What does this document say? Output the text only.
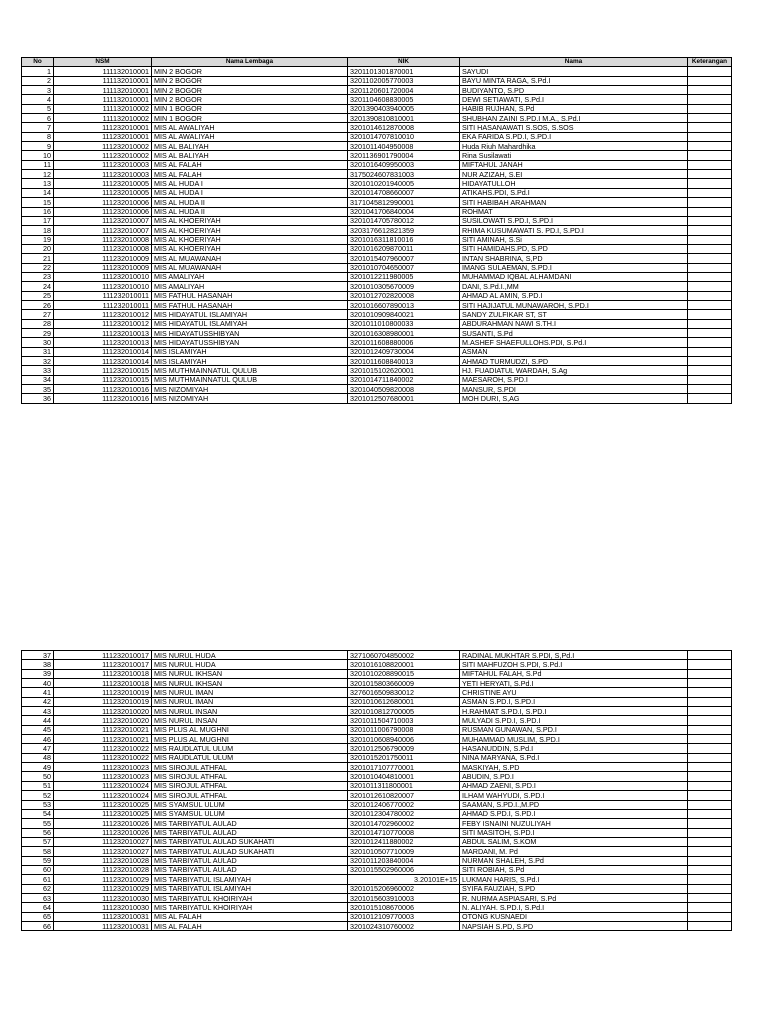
No	NSM	Nama Lembaga	NIK	Nama	Keterangan
1	111132010001	MIN 2 BOGOR	3201101301870001	SAYUDI	
2	111132010001	MIN 2 BOGOR	3201102005770003	BAYU MINTA RAGA, S.Pd.I	
3	111132010001	MIN 2 BOGOR	3201120601720004	BUDIYANTO, S.PD	
4	111132010001	MIN 2 BOGOR	3201104608830005	DEWI SETIAWATI, S.Pd.I	
5	111132010002	MIN 1 BOGOR	3201390403940005	HABIB RUJHAN, S.Pd	
6	111132010002	MIN 1 BOGOR	3201390810810001	SHUBHAN ZAINI S.PD.I M.A., S.Pd.I	
7	111232010001	MIS AL AWALIYAH	3201014612870008	SITI HASANAWATI S.SOS, S.SOS	
8	111232010001	MIS AL AWALIYAH	3201014707810010	EKA FARIDA S.PD.I, S.PD.I	
9	111232010002	MIS AL BALIYAH	3201011404950008	Huda Riuh Mahardhika	
10	111232010002	MIS AL BALIYAH	3201136901790004	Rina Susilawati	
11	111232010003	MIS AL FALAH	3201016409950003	MIFTAHUL JANAH	
12	111232010003	MIS AL FALAH	3175024607831003	NUR AZIZAH, S.EI	
13	111232010005	MIS AL HUDA I	3201010201940005	HIDAYATULLOH	
14	111232010005	MIS AL HUDA I	3201014708660007	ATIKAHS.PDI, S.Pd.I	
15	111232010006	MIS AL HUDA II	3171045812990001	SITI HABIBAH ARAHMAN	
16	111232010006	MIS AL HUDA II	3201041706840004	ROHMAT	
17	111232010007	MIS AL KHOERIYAH	3201014705780012	SUSILOWATI S.PD.I, S.PD.I	
18	111232010007	MIS AL KHOERIYAH	3203176612821359	RHIMA KUSUMAWATI S. PD.I, S.PD.I	
19	111232010008	MIS AL KHOERIYAH	3201016311810016	SITI AMINAH, S.Si	
20	111232010008	MIS AL KHOERIYAH	3201016209870011	SITI HAMIDAHS.PD, S.PD	
21	111232010009	MIS AL MUAWANAH	3201015407960007	INTAN SHABRINA, S,PD	
22	111232010009	MIS AL MUAWANAH	3201010704650007	IMANG SULAEMAN, S.PD.I	
23	111232010010	MIS AMALIYAH	3201012211980005	MUHAMMAD IQBAL ALHAMDANI	
24	111232010010	MIS AMALIYAH	3201010305670009	DANI, S.Pd.I.,MM	
25	111232010011	MIS FATHUL HASANAH	3201012702820008	AHMAD AL AMIN, S.PD.I	
26	111232010011	MIS FATHUL HASANAH	3201016607890013	SITI HAJIJATUL MUNAWAROH, S.PD.I	
27	111232010012	MIS HIDAYATUL ISLAMIYAH	3201010909840021	SANDY ZULFIKAR ST, ST	
28	111232010012	MIS HIDAYATUL ISLAMIYAH	3201011010800033	ABDURAHMAN NAWI S.TH.I	
29	111232010013	MIS HIDAYATUSSHIBYAN	3201016308980001	SUSANTI, S.Pd	
30	111232010013	MIS HIDAYATUSSHIBYAN	3201011608880006	M.ASHEF SHAEFULLOHS.PDI, S.Pd.I	
31	111232010014	MIS ISLAMIYAH	3201012409730004	ASMAN	
32	111232010014	MIS ISLAMIYAH	3201011608840013	AHMAD TURMUDZI, S.PD	
33	111232010015	MIS MUTHMAINNATUL QULUB	3201015102620001	HJ. FUADIATUL WARDAH, S.Ag	
34	111232010015	MIS MUTHMAINNATUL QULUB	3201014711840002	MAESAROH, S.PD.I	
35	111232010016	MIS NIZOMIYAH	3201040509820008	MANSUR, S.PDI	
36	111232010016	MIS NIZOMIYAH	3201012507680001	MOH DURI, S,AG	
37	111232010017	MIS NURUL HUDA	3271060704850002	RADINAL MUKHTAR S.PDI, S,Pd.I	
38	111232010017	MIS NURUL HUDA	3201016108820001	SITI MAHFUZOH S.PDI, S.Pd.I	
39	111232010018	MIS NURUL IKHSAN	3201010208890015	MIFTAHUL FALAH, S.Pd	
40	111232010018	MIS NURUL IKHSAN	3201015803660009	YETI HERYATI, S.Pd.I	
41	111232010019	MIS NURUL IMAN	3276016509830012	CHRISTINE AYU	
42	111232010019	MIS NURUL IMAN	3201010612680001	ASMAN S.PD.I, S.PD.I	
43	111232010020	MIS NURUL INSAN	3201010812700005	H.RAHMAT S.PD.I, S.PD.I	
44	111232010020	MIS NURUL INSAN	3201011504710003	MULYADI S.PD.I, S.PD.I	
45	111232010021	MIS PLUS AL MUGHNI	3201011006790008	RUSMAN GUNAWAN, S.PD.I	
46	111232010021	MIS PLUS AL MUGHNI	3201010608940006	MUHAMMAD MUSLIM, S.PD.I	
47	111232010022	MIS RAUDLATUL ULUM	3201012506790009	HASANUDDIN, S.Pd.I	
48	111232010022	MIS RAUDLATUL ULUM	3201015201750011	NINA MARYANA, S.Pd.I	
49	111232010023	MIS SIROJUL ATHFAL	3201017107770001	MASKIYAH, S.PD	
50	111232010023	MIS SIROJUL ATHFAL	3201010404810001	ABUDIN, S.PD.I	
51	111232010024	MIS SIROJUL ATHFAL	3201011311800001	AHMAD ZAENI, S.PD.I	
52	111232010024	MIS SIROJUL ATHFAL	3201012610820007	ILHAM WAHYUDI, S.PD.I	
53	111232010025	MIS SYAMSUL ULUM	3201012406770002	SAAMAN, S.PD.I.,M.PD	
54	111232010025	MIS SYAMSUL ULUM	3201012304780002	AHMAD S.PD.I, S.PD.I	
55	111232010026	MIS TARBIYATUL AULAD	3201014702960002	FEBY ISNAINI NUZULIYAH	
56	111232010026	MIS TARBIYATUL AULAD	3201014710770008	SITI MASITOH, S.PD.I	
57	111232010027	MIS TARBIYATUL AULAD SUKAHATI	3201012411880002	ABDUL SALIM, S.KOM	
58	111232010027	MIS TARBIYATUL AULAD SUKAHATI	3201010507710009	MARDANI, M. Pd	
59	111232010028	MIS TARBIYATUL AULAD	3201011203840004	NURMAN SHALEH, S.Pd	
60	111232010028	MIS TARBIYATUL AULAD	3201015502960006	SITI ROBIAH, S.Pd	
61	111232010029	MIS TARBIYATUL ISLAMIYAH	3.20101E+15	LUKMAN HARIS, S.Pd.I	
62	111232010029	MIS TARBIYATUL ISLAMIYAH	3201015206960002	SYIFA FAUZIAH, S.PD	
63	111232010030	MIS TARBIYATUL KHOIRIYAH	3201015603910003	R. NURMA ASPIASARI, S.Pd	
64	111232010030	MIS TARBIYATUL KHOIRIYAH	3201015108670006	N. ALIYAH. S.PD.I, S.Pd.I	
65	111232010031	MIS AL FALAH	3201012109770003	OTONG KUSNAEDI	
66	111232010031	MIS AL FALAH	3201024310760002	NAPSIAH S.PD, S.PD	
